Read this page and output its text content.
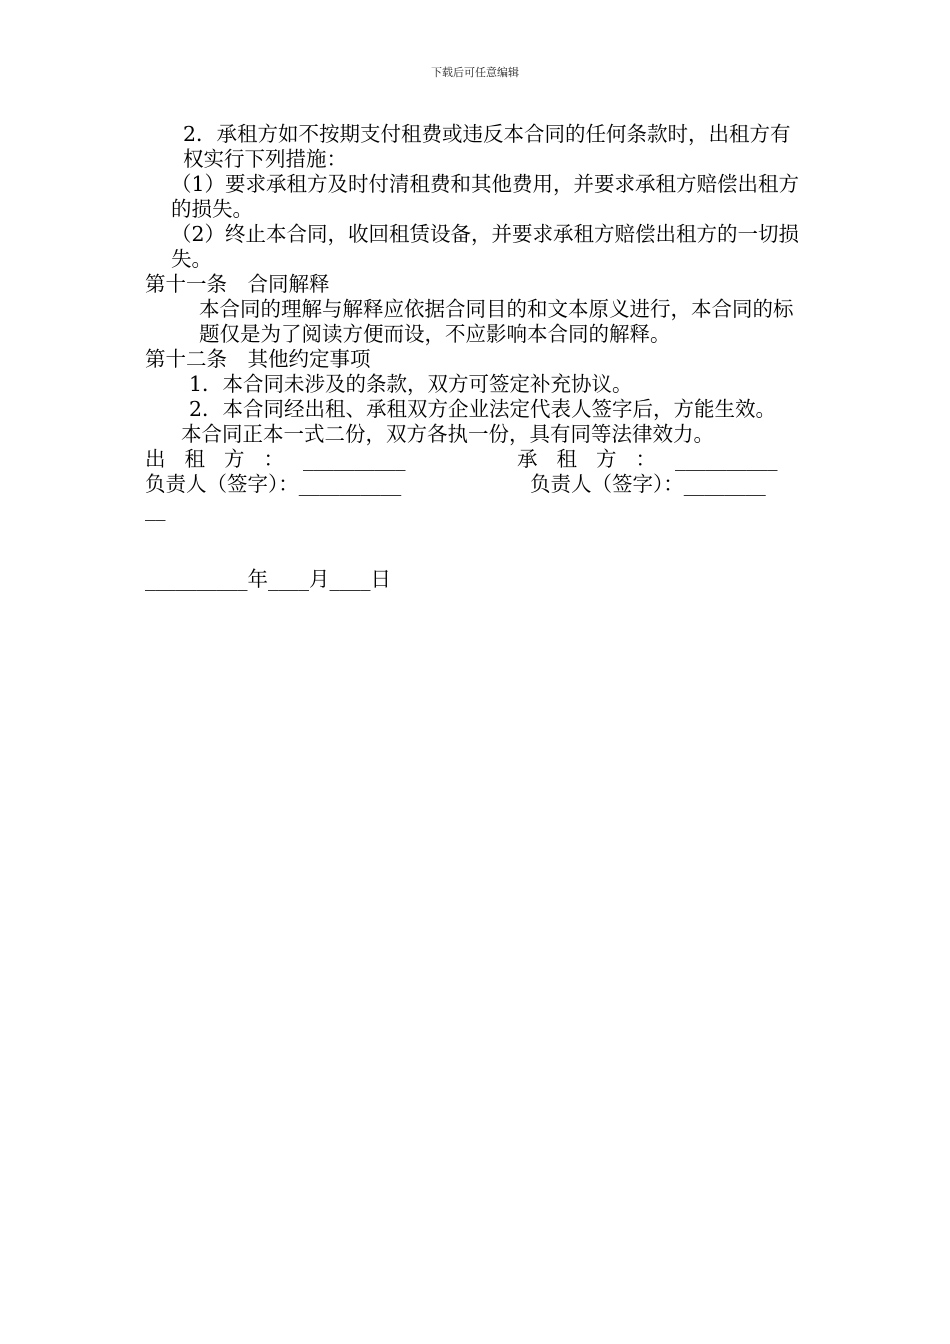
下载后可任意编辑

2．承租方如不按期支付租费或违反本合同的任何条款时，出租方有权实行下列措施：

（1）要求承租方及时付清租费和其他费用，并要求承租方赔偿出租方的损失。

（2）终止本合同，收回租赁设备，并要求承租方赔偿出租方的一切损失。

第十一条　合同解释

本合同的理解与解释应依据合同目的和文本原义进行，本合同的标题仅是为了阅读方便而设，不应影响本合同的解释。

第十二条　其他约定事项

1．本合同未涉及的条款，双方可签定补充协议。

2．本合同经出租、承租双方企业法定代表人签字后，方能生效。

本合同正本一式二份，双方各执一份，具有同等法律效力。

出租方：__________

	承租方：__________

负责人（签字）：__________

	负责人（签字）：________

__

__________年____月____日
